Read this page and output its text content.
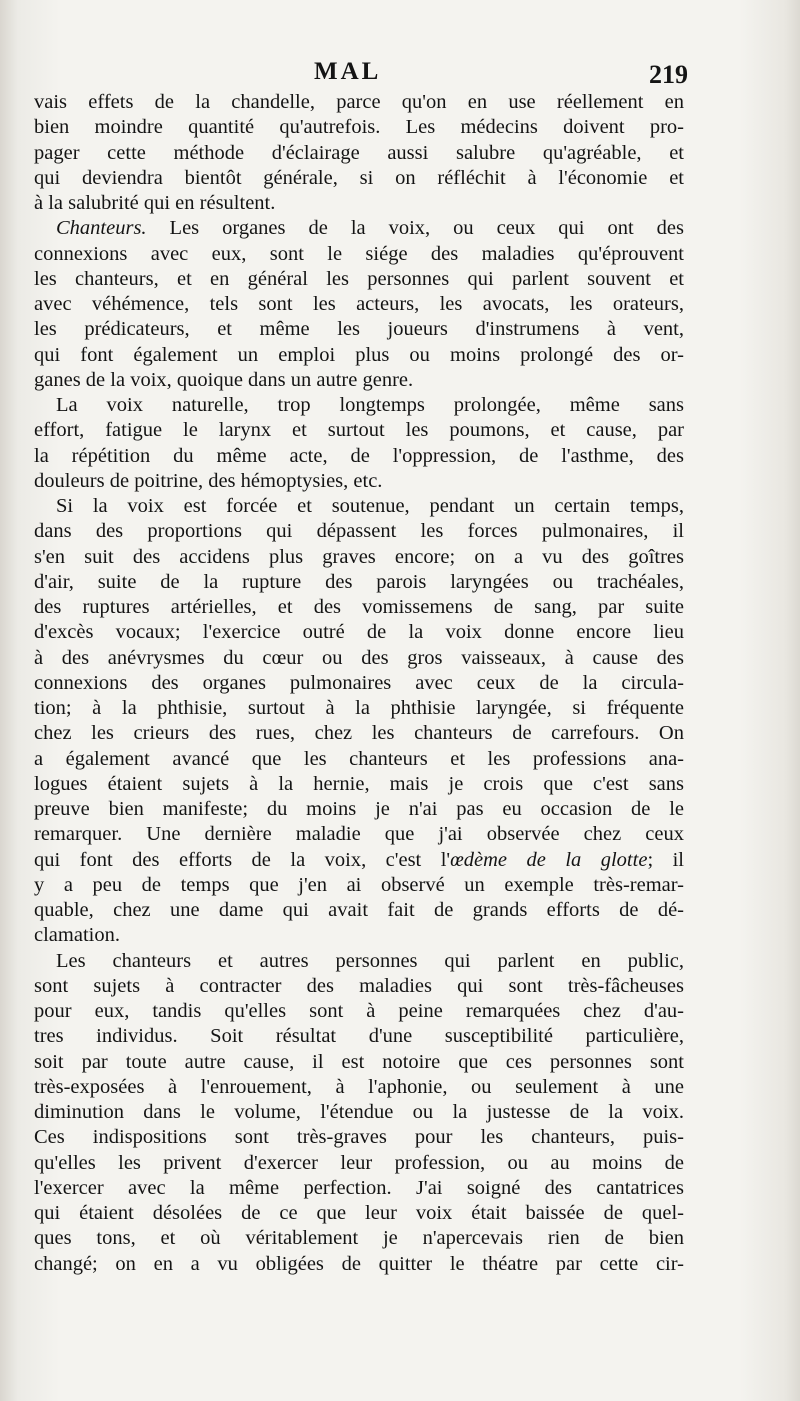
MAL	219
vais effets de la chandelle, parce qu'on en use réellement en
bien moindre quantité qu'autrefois. Les médecins doivent pro-
pager cette méthode d'éclairage aussi salubre qu'agréable, et
qui deviendra bientôt générale, si on réfléchit à l'économie et
à la salubrité qui en résultent.
Chanteurs. Les organes de la voix, ou ceux qui ont des
connexions avec eux, sont le siége des maladies qu'éprouvent
les chanteurs, et en général les personnes qui parlent souvent et
avec véhémence, tels sont les acteurs, les avocats, les orateurs,
les prédicateurs, et même les joueurs d'instrumens à vent,
qui font également un emploi plus ou moins prolongé des or-
ganes de la voix, quoique dans un autre genre.
La voix naturelle, trop longtemps prolongée, même sans
effort, fatigue le larynx et surtout les poumons, et cause, par
la répétition du même acte, de l'oppression, de l'asthme, des
douleurs de poitrine, des hémoptysies, etc.
Si la voix est forcée et soutenue, pendant un certain temps,
dans des proportions qui dépassent les forces pulmonaires, il
s'en suit des accidens plus graves encore; on a vu des goîtres
d'air, suite de la rupture des parois laryngées ou trachéales,
des ruptures artérielles, et des vomissemens de sang, par suite
d'excès vocaux; l'exercice outré de la voix donne encore lieu
à des anévrysmes du cœur ou des gros vaisseaux, à cause des
connexions des organes pulmonaires avec ceux de la circula-
tion; à la phthisie, surtout à la phthisie laryngée, si fréquente
chez les crieurs des rues, chez les chanteurs de carrefours. On
a également avancé que les chanteurs et les professions ana-
logues étaient sujets à la hernie, mais je crois que c'est sans
preuve bien manifeste; du moins je n'ai pas eu occasion de le
remarquer. Une dernière maladie que j'ai observée chez ceux
qui font des efforts de la voix, c'est l'œdème de la glotte; il
y a peu de temps que j'en ai observé un exemple très-remar-
quable, chez une dame qui avait fait de grands efforts de dé-
clamation.
Les chanteurs et autres personnes qui parlent en public,
sont sujets à contracter des maladies qui sont très-fâcheuses
pour eux, tandis qu'elles sont à peine remarquées chez d'au-
tres individus. Soit résultat d'une susceptibilité particulière,
soit par toute autre cause, il est notoire que ces personnes sont
très-exposées à l'enrouement, à l'aphonie, ou seulement à une
diminution dans le volume, l'étendue ou la justesse de la voix.
Ces indispositions sont très-graves pour les chanteurs, puis-
qu'elles les privent d'exercer leur profession, ou au moins de
l'exercer avec la même perfection. J'ai soigné des cantatrices
qui étaient désolées de ce que leur voix était baissée de quel-
ques tons, et où véritablement je n'apercevais rien de bien
changé; on en a vu obligées de quitter le théatre par cette cir-
